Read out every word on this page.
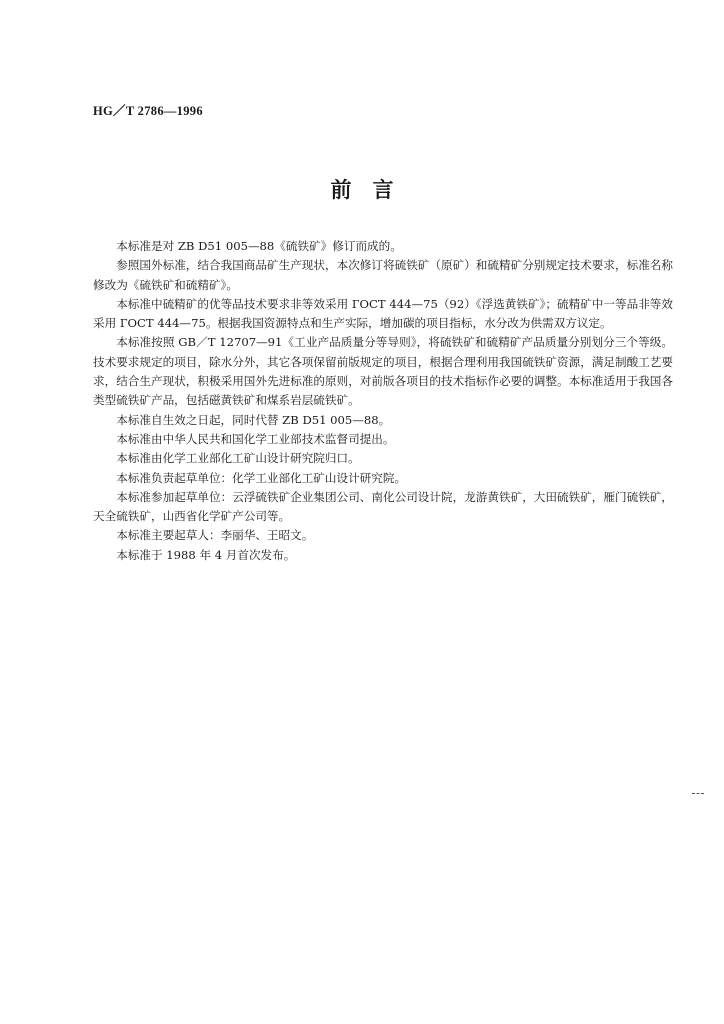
HG／T 2786—1996
前　言

本标准是对 ZB D51 005—88《硫铁矿》修订而成的。

参照国外标准，结合我国商品矿生产现状，本次修订将硫铁矿（原矿）和硫精矿分别规定技术要求，标准名称修改为《硫铁矿和硫精矿》。

本标准中硫精矿的优等品技术要求非等效采用 ГОСТ 444—75（92）《浮选黄铁矿》；硫精矿中一等品非等效采用 ГОСТ 444—75。根据我国资源特点和生产实际，增加碳的项目指标，水分改为供需双方议定。

本标准按照 GB／T 12707—91《工业产品质量分等导则》，将硫铁矿和硫精矿产品质量分别划分三个等级。技术要求规定的项目，除水分外，其它各项保留前版规定的项目，根据合理利用我国硫铁矿资源，满足制酸工艺要求，结合生产现状，积极采用国外先进标准的原则，对前版各项目的技术指标作必要的调整。本标准适用于我国各类型硫铁矿产品，包括磁黄铁矿和煤系岩层硫铁矿。

本标准自生效之日起，同时代替 ZB D51 005—88。

本标准由中华人民共和国化学工业部技术监督司提出。

本标准由化学工业部化工矿山设计研究院归口。

本标准负责起草单位：化学工业部化工矿山设计研究院。

本标准参加起草单位：云浮硫铁矿企业集团公司、南化公司设计院，龙游黄铁矿，大田硫铁矿，雁门硫铁矿，天全硫铁矿，山西省化学矿产公司等。

本标准主要起草人：李丽华、王昭文。

本标准于 1988 年 4 月首次发布。
